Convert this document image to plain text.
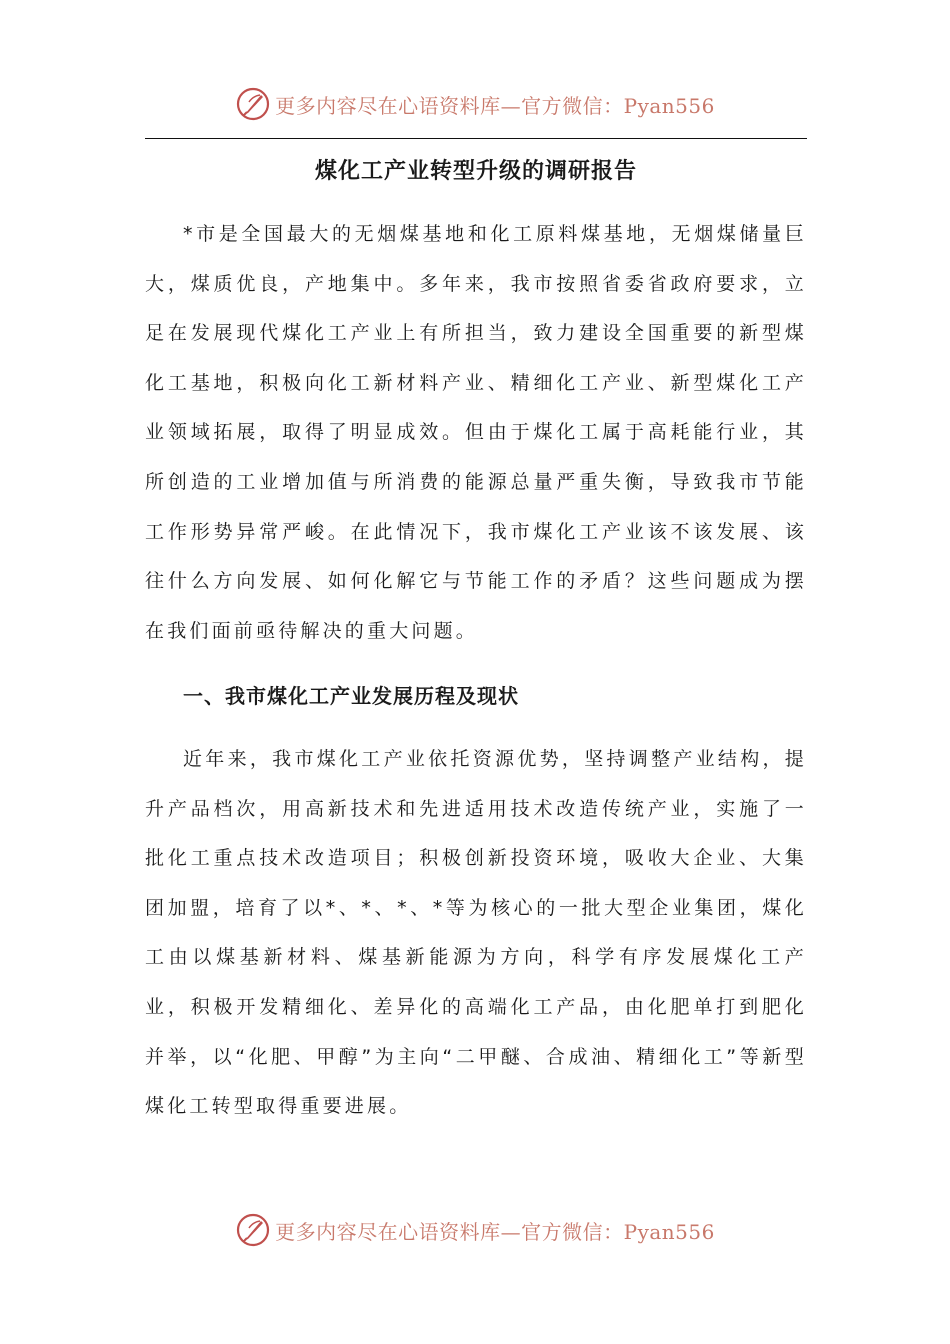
更多内容尽在心语资料库—官方微信：Pyan556
煤化工产业转型升级的调研报告

*市是全国最大的无烟煤基地和化工原料煤基地，无烟煤储量巨大，煤质优良，产地集中。多年来，我市按照省委省政府要求，立足在发展现代煤化工产业上有所担当，致力建设全国重要的新型煤化工基地，积极向化工新材料产业、精细化工产业、新型煤化工产业领域拓展，取得了明显成效。但由于煤化工属于高耗能行业，其所创造的工业增加值与所消费的能源总量严重失衡，导致我市节能工作形势异常严峻。在此情况下，我市煤化工产业该不该发展、该往什么方向发展、如何化解它与节能工作的矛盾？这些问题成为摆在我们面前亟待解决的重大问题。

一、我市煤化工产业发展历程及现状

近年来，我市煤化工产业依托资源优势，坚持调整产业结构，提升产品档次，用高新技术和先进适用技术改造传统产业，实施了一批化工重点技术改造项目；积极创新投资环境，吸收大企业、大集团加盟，培育了以*、*、*、*等为核心的一批大型企业集团，煤化工由以煤基新材料、煤基新能源为方向，科学有序发展煤化工产业，积极开发精细化、差异化的高端化工产品，由化肥单打到肥化并举，以“化肥、甲醇”为主向“二甲醚、合成油、精细化工”等新型煤化工转型取得重要进展。

更多内容尽在心语资料库—官方微信：Pyan556
